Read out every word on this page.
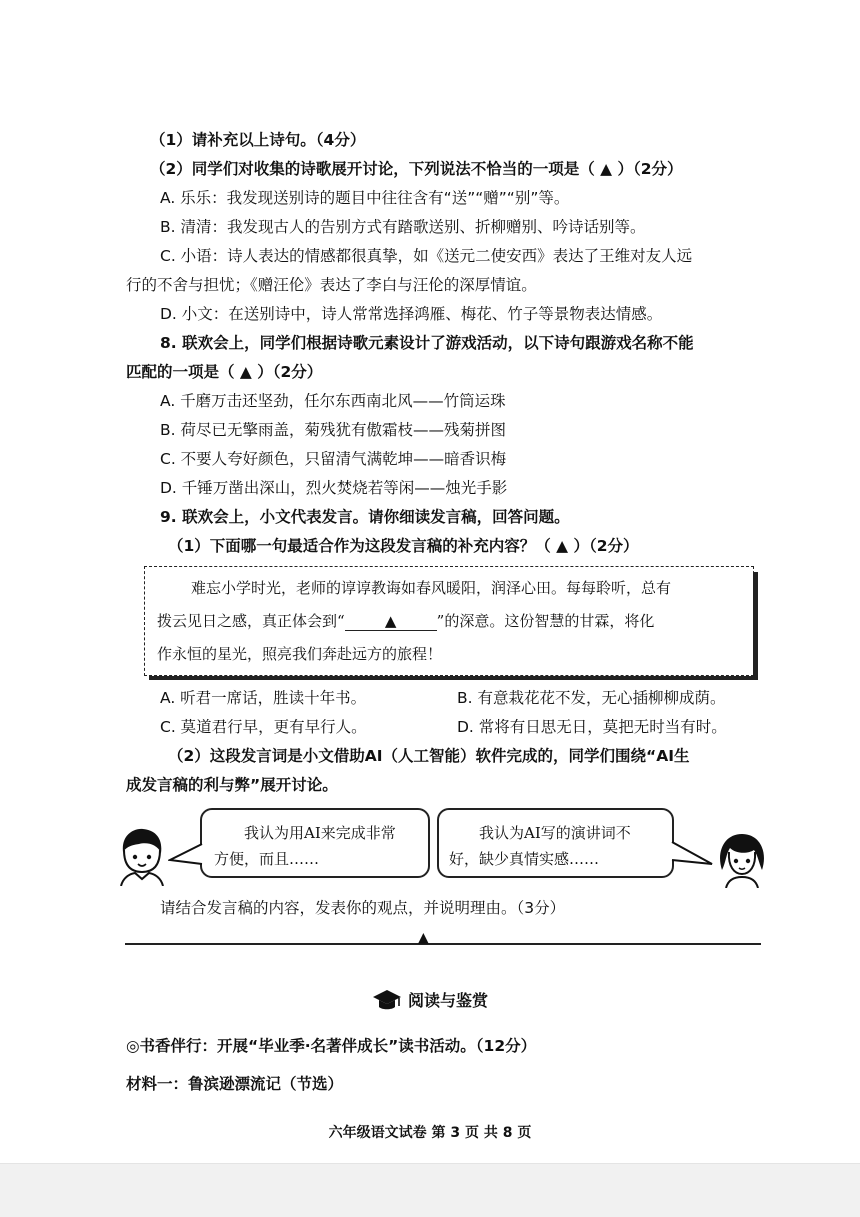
（1）请补充以上诗句。（4分）
（2）同学们对收集的诗歌展开讨论，下列说法不恰当的一项是（ ▲ ）（2分）
A. 乐乐：我发现送别诗的题目中往往含有“送”“赠”“别”等。
B. 清清：我发现古人的告别方式有踏歌送别、折柳赠别、吟诗话别等。
C. 小语：诗人表达的情感都很真挚，如《送元二使安西》表达了王维对友人远
行的不舍与担忧；《赠汪伦》表达了李白与汪伦的深厚情谊。
D. 小文：在送别诗中，诗人常常选择鸿雁、梅花、竹子等景物表达情感。
8. 联欢会上，同学们根据诗歌元素设计了游戏活动，以下诗句跟游戏名称不能
匹配的一项是（ ▲ ）（2分）
A. 千磨万击还坚劲，任尔东西南北风——竹筒运珠
B. 荷尽已无擎雨盖，菊残犹有傲霜枝——残菊拼图
C. 不要人夸好颜色，只留清气满乾坤——暗香识梅
D. 千锤万凿出深山，烈火焚烧若等闲——烛光手影
9. 联欢会上，小文代表发言。请你细读发言稿，回答问题。
（1）下面哪一句最适合作为这段发言稿的补充内容？（ ▲ ）（2分）
难忘小学时光，老师的谆谆教诲如春风暖阳，润泽心田。每每聆听，总有
拨云见日之感，真正体会到“	▲	”的深意。这份智慧的甘霖，将化
作永恒的星光，照亮我们奔赴远方的旅程！
A. 听君一席话，胜读十年书。	B. 有意栽花花不发，无心插柳柳成荫。
C. 莫道君行早，更有早行人。	D. 常将有日思无日，莫把无时当有时。
（2）这段发言词是小文借助AI（人工智能）软件完成的，同学们围绕“AI生
成发言稿的利与弊”展开讨论。
我认为用AI来完成非常
方便，而且……
我认为AI写的演讲词不
好，缺少真情实感……
请结合发言稿的内容，发表你的观点，并说明理由。（3分）
▲
阅读与鉴赏
◎书香伴行：开展“毕业季·名著伴成长”读书活动。（12分）
材料一：鲁滨逊漂流记（节选）
六年级语文试卷 第 3 页 共 8 页
